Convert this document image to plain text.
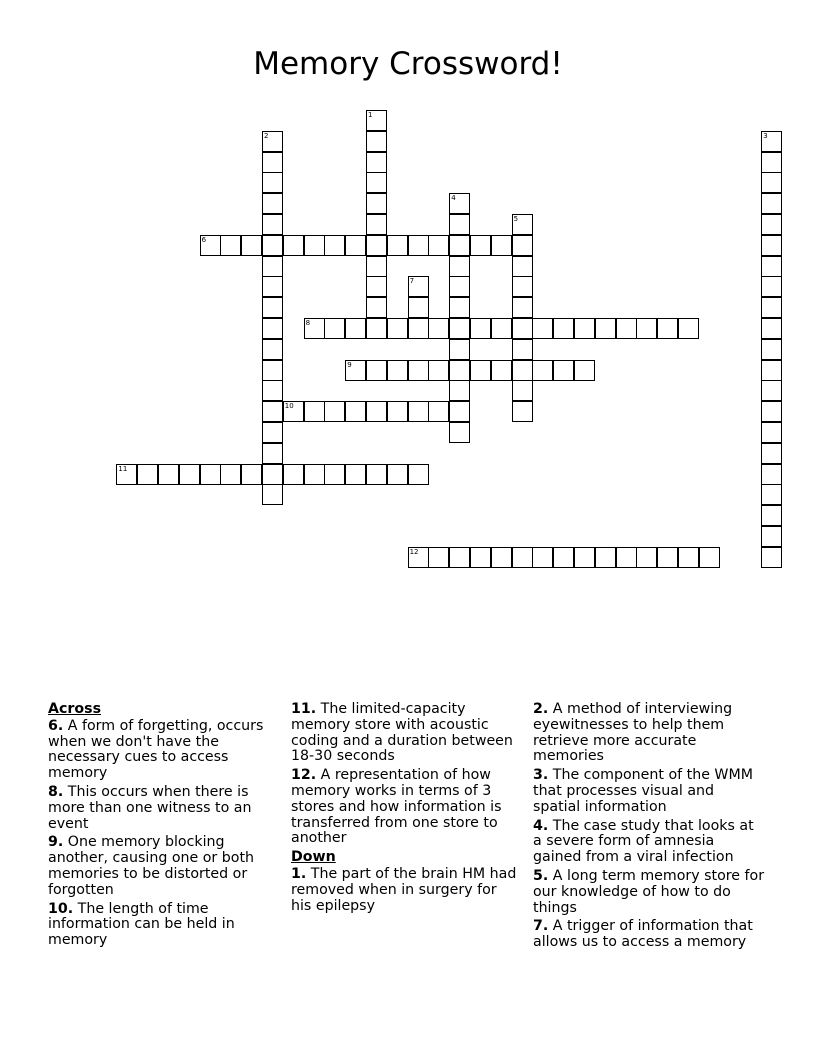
Memory Crossword!
1
2	3
4
5
6
7
8
9
10
11
12

Across

6. A form of forgetting, occurs when we don't have the necessary cues to access memory

8. This occurs when there is more than one witness to an event

9. One memory blocking another, causing one or both memories to be distorted or forgotten

10. The length of time information can be held in memory

11. The limited-capacity memory store with acoustic coding and a duration between 18-30 seconds

12. A representation of how memory works in terms of 3 stores and how information is transferred from one store to another

Down

1. The part of the brain HM had removed when in surgery for his epilepsy

2. A method of interviewing eyewitnesses to help them retrieve more accurate memories

3. The component of the WMM that processes visual and spatial information

4. The case study that looks at a severe form of amnesia gained from a viral infection

5. A long term memory store for our knowledge of how to do things

7. A trigger of information that allows us to access a memory
